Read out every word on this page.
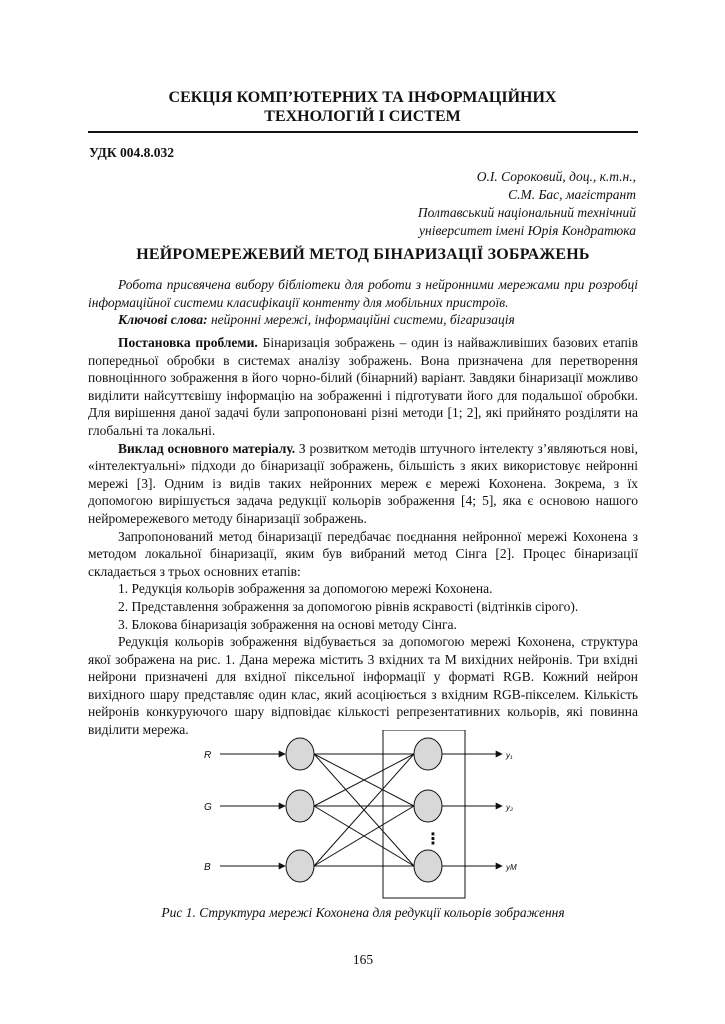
СЕКЦІЯ КОМП’ЮТЕРНИХ ТА ІНФОРМАЦІЙНИХ
ТЕХНОЛОГІЙ І СИСТЕМ
УДК 004.8.032
О.І. Сороковий, доц., к.т.н.,
С.М. Бас, магістрант
Полтавський національний технічний
університет імені Юрія Кондратюка
НЕЙРОМЕРЕЖЕВИЙ МЕТОД БІНАРИЗАЦІЇ ЗОБРАЖЕНЬ

Робота присвячена вибору бібліотеки для роботи з нейронними мережами при розробці інформаційної системи класифікації контенту для мобільних пристроїв.

Ключові слова: нейронні мережі, інформаційні системи, бігаризація

Постановка проблеми. Бінаризація зображень – один із найважливіших базових етапів попередньої обробки в системах аналізу зображень. Вона призначена для перетворення повноцінного зображення в його чорно-білий (бінарний) варіант. Завдяки бінаризації можливо виділити найсуттєвішу інформацію на зображенні і підготувати його для подальшої обробки. Для вирішення даної задачі були запропоновані різні методи [1; 2], які прийнято розділяти на глобальні та локальні.

Виклад основного матеріалу. З розвитком методів штучного інтелекту з’являються нові, «інтелектуальні» підходи до бінаризації зображень, більшість з яких використовує нейронні мережі [3]. Одним із видів таких нейронних мереж є мережі Кохонена. Зокрема, з їх допомогою вирішується задача редукції кольорів зображення [4; 5], яка є основою нашого нейромережевого методу бінаризації зображень.

Запропонований метод бінаризації передбачає поєднання нейронної мережі Кохонена з методом локальної бінаризації, яким був вибраний метод Сінга [2]. Процес бінаризації складається з трьох основних етапів:

1. Редукція кольорів зображення за допомогою мережі Кохонена.
2. Представлення зображення за допомогою рівнів яскравості (відтінків сірого).
3. Блокова бінаризація зображення на основі методу Сінга.

Редукція кольорів зображення відбувається за допомогою мережі Кохонена, структура якої зображена на рис. 1. Дана мережа містить 3 вхідних та M вихідних нейронів. Три вхідні нейрони призначені для вхідної піксельної інформації у форматі RGB. Кожний нейрон вихідного шару представляє один клас, який асоціюється з вхідним RGB-пікселем. Кількість нейронів конкуруючого шару відповідає кількості репрезентативних кольорів, які повинна виділити мережа.

R
G
B
y₁
y₂
yM
⋮
Рис 1. Структура мережі Кохонена для редукції кольорів зображення
165
